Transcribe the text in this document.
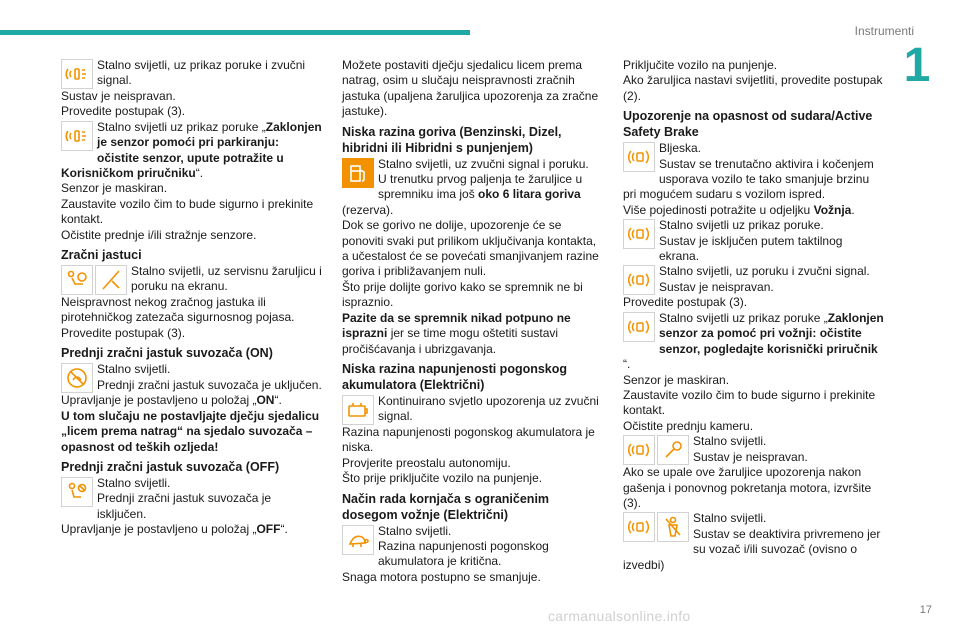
Instrumenti
1

Stalno svijetli, uz prikaz poruke i zvučni signal.

Sustav je neispravan.

Provedite postupak (3).

Stalno svijetli uz prikaz poruke „Zaklonjen je senzor pomoći pri parkiranju: očistite senzor, upute potražite u Korisničkom priručniku“.

Senzor je maskiran.

Zaustavite vozilo čim to bude sigurno i prekinite kontakt.

Očistite prednje i/ili stražnje senzore.

Zračni jastuci

Stalno svijetli, uz servisnu žaruljicu i poruku na ekranu.

Neispravnost nekog zračnog jastuka ili pirotehničkog zatezača sigurnosnog pojasa.

Provedite postupak (3).

Prednji zračni jastuk suvozača (ON)

Stalno svijetli.

Prednji zračni jastuk suvozača je uključen.

Upravljanje je postavljeno u položaj „ON“.

U tom slučaju ne postavljajte dječju sjedalicu „licem prema natrag“ na sjedalo suvozača – opasnost od teških ozljeda!

Prednji zračni jastuk suvozača (OFF)

Stalno svijetli.

Prednji zračni jastuk suvozača je isključen.

Upravljanje je postavljeno u položaj „OFF“.

Možete postaviti dječju sjedalicu licem prema natrag, osim u slučaju neispravnosti zračnih jastuka (upaljena žaruljica upozorenja za zračne jastuke).

Niska razina goriva (Benzinski, Dizel, hibridni ili Hibridni s punjenjem)

Stalno svijetli, uz zvučni signal i poruku.

U trenutku prvog paljenja te žaruljice u spremniku ima još oko 6 litara goriva (rezerva).

Dok se gorivo ne dolije, upozorenje će se ponoviti svaki put prilikom uključivanja kontakta, a učestalost će se povećati smanjivanjem razine goriva i približavanjem nuli.

Što prije dolijte gorivo kako se spremnik ne bi ispraznio.

Pazite da se spremnik nikad potpuno ne isprazni jer se time mogu oštetiti sustavi pročišćavanja i ubrizgavanja.

Niska razina napunjenosti pogonskog akumulatora (Električni)

Kontinuirano svjetlo upozorenja uz zvučni signal.

Razina napunjenosti pogonskog akumulatora je niska.

Provjerite preostalu autonomiju.

Što prije priključite vozilo na punjenje.

Način rada kornjača s ograničenim dosegom vožnje (Električni)

Stalno svijetli.

Razina napunjenosti pogonskog akumulatora je kritična.

Snaga motora postupno se smanjuje.

Priključite vozilo na punjenje.

Ako žaruljica nastavi svijetliti, provedite postupak (2).

Upozorenje na opasnost od sudara/Active Safety Brake

Bljeska.

Sustav se trenutačno aktivira i kočenjem usporava vozilo te tako smanjuje brzinu pri mogućem sudaru s vozilom ispred.

Više pojedinosti potražite u odjeljku Vožnja.

Stalno svijetli uz prikaz poruke.

Sustav je isključen putem taktilnog ekrana.

Stalno svijetli, uz poruku i zvučni signal.

Sustav je neispravan.

Provedite postupak (3).

Stalno svijetli uz prikaz poruke „Zaklonjen senzor za pomoć pri vožnji: očistite senzor, pogledajte korisnički priručnik “.

Senzor je maskiran.

Zaustavite vozilo čim to bude sigurno i prekinite kontakt.

Očistite prednju kameru.

Stalno svijetli.

Sustav je neispravan.

Ako se upale ove žaruljice upozorenja nakon gašenja i ponovnog pokretanja motora, izvršite (3).

Stalno svijetli.

Sustav se deaktivira privremeno jer su vozač i/ili suvozač (ovisno o izvedbi)

carmanualsonline.info	17
